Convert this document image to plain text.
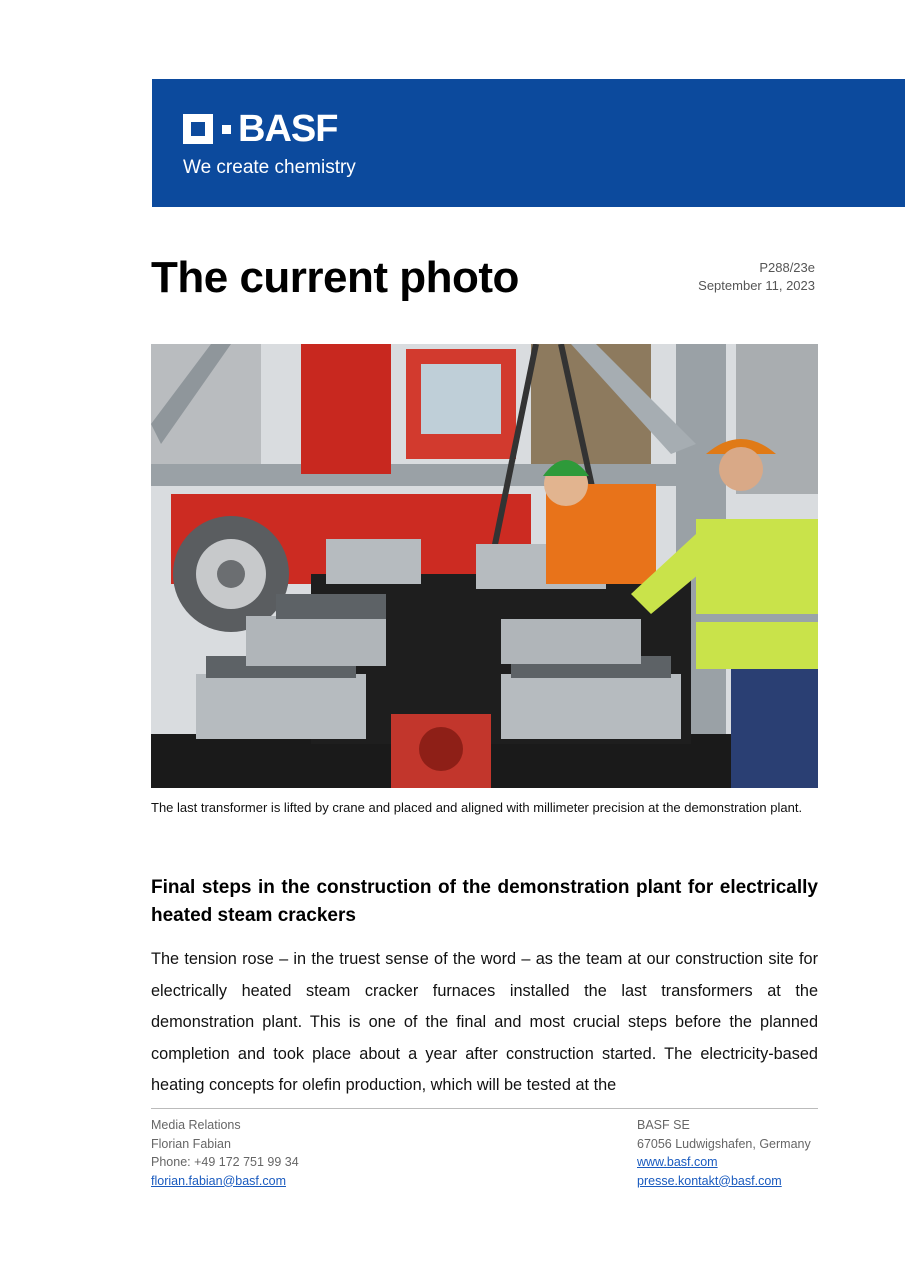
BASF
We create chemistry
The current photo	P288/23e
September 11, 2023

The last transformer is lifted by crane and placed and aligned with millimeter precision at the demonstration plant.

Final steps in the construction of the demonstration plant for electrically heated steam crackers

The tension rose – in the truest sense of the word – as the team at our construction site for electrically heated steam cracker furnaces installed the last transformers at the demonstration plant. This is one of the final and most crucial steps before the planned completion and took place about a year after construction started. The electricity-based heating concepts for olefin production, which will be tested at the

Media Relations
Florian Fabian
Phone: +49 172 751 99 34
florian.fabian@basf.com
BASF SE
67056 Ludwigshafen, Germany
www.basf.com
presse.kontakt@basf.com
